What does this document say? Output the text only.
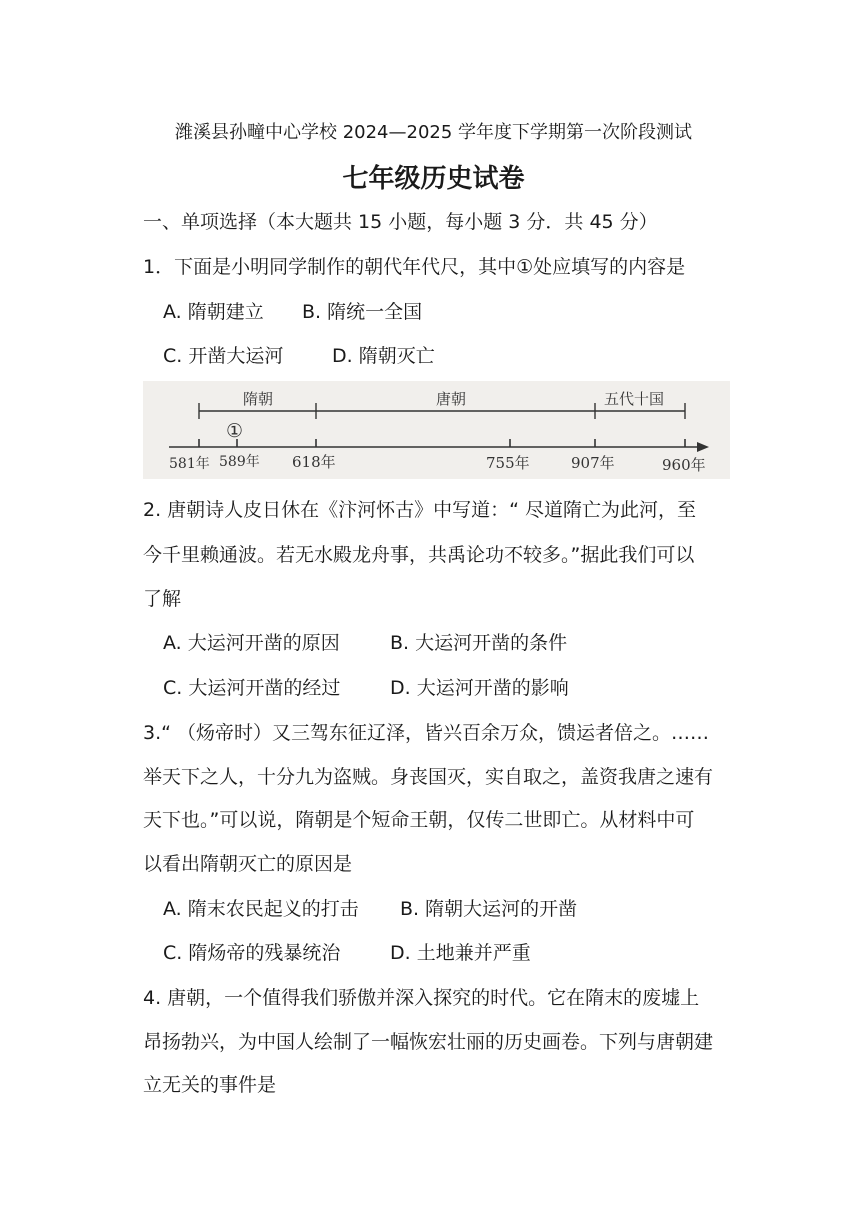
潍溪县孙疃中心学校 2024—2025 学年度下学期第一次阶段测试
七年级历史试卷
一、单项选择（本大题共 15 小题，每小题 3 分．共 45 分）
1．下面是小明同学制作的朝代年代尺，其中①处应填写的内容是
A. 隋朝建立 B. 隋统一全国
C. 开凿大运河	D. 隋朝灭亡
隋朝	唐朝	五代十国
①
581年 589年 618年	755年	907年	960年
2. 唐朝诗人皮日休在《汴河怀古》中写道：“ 尽道隋亡为此河，至
今千里赖通波。若无水殿龙舟事，共禹论功不较多。”据此我们可以
了解
A. 大运河开凿的原因	B. 大运河开凿的条件
C. 大运河开凿的经过	D. 大运河开凿的影响
3.“ （炀帝时）又三驾东征辽泽，皆兴百余万众，馈运者倍之。……
举天下之人，十分九为盗贼。身丧国灭，实自取之，盖资我唐之速有
天下也。”可以说，隋朝是个短命王朝，仅传二世即亡。从材料中可
以看出隋朝灭亡的原因是
A. 隋末农民起义的打击 B. 隋朝大运河的开凿
C. 隋炀帝的残暴统治	D. 土地兼并严重
4. 唐朝，一个值得我们骄傲并深入探究的时代。它在隋末的废墟上
昂扬勃兴，为中国人绘制了一幅恢宏壮丽的历史画卷。下列与唐朝建
立无关的事件是
